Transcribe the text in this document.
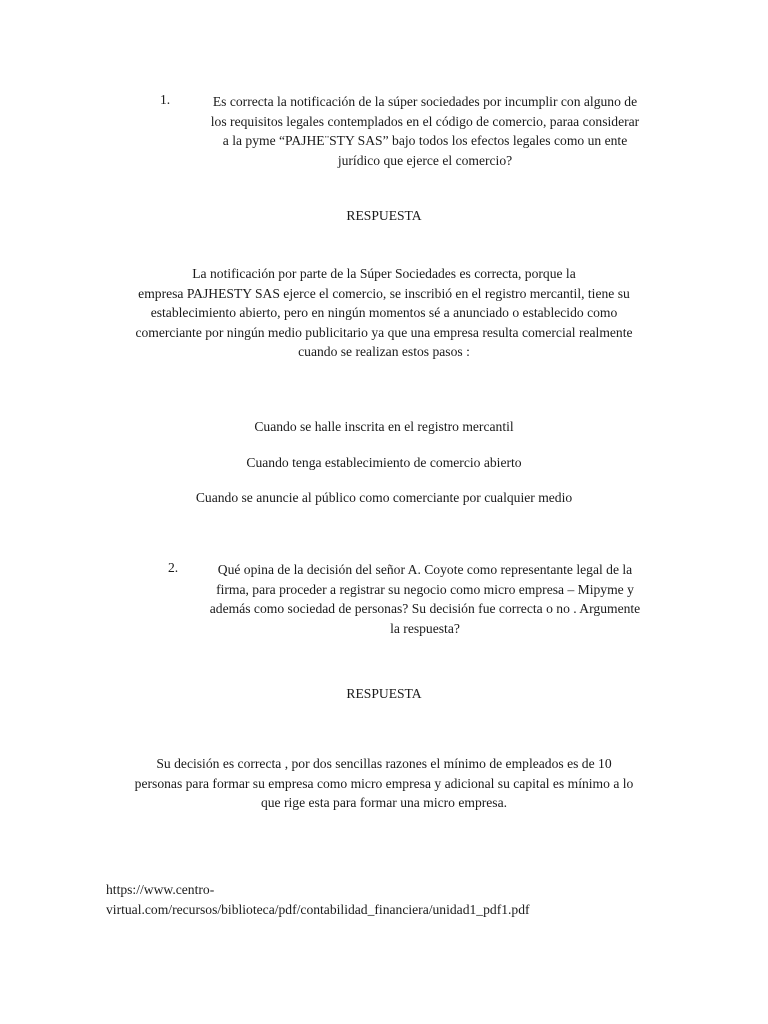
1.	Es correcta la notificación de la súper sociedades por incumplir con alguno de
los requisitos legales contemplados en el código de comercio, paraa considerar
a la pyme “PAJHE¨STY SAS” bajo todos los efectos legales como un ente
jurídico que ejerce el comercio?
RESPUESTA
La notificación por parte de la Súper Sociedades es correcta, porque la
empresa PAJHESTY SAS ejerce el comercio, se inscribió en el registro mercantil, tiene su
establecimiento abierto, pero en ningún momentos sé a anunciado o establecido como
comerciante por ningún medio publicitario ya que una empresa resulta comercial realmente
cuando se realizan estos pasos :
Cuando se halle inscrita en el registro mercantil
Cuando tenga establecimiento de comercio abierto
Cuando se anuncie al público como comerciante por cualquier medio
2.	Qué opina de la decisión del señor A. Coyote como representante legal de la
firma, para proceder a registrar su negocio como micro empresa – Mipyme y
además como sociedad de personas? Su decisión fue correcta o no . Argumente
la respuesta?
RESPUESTA
Su decisión es correcta , por dos sencillas razones el mínimo de empleados es de 10
personas para formar su empresa como micro empresa y adicional su capital es mínimo a lo
que rige esta para formar una micro empresa.
https://www.centro-
virtual.com/recursos/biblioteca/pdf/contabilidad_financiera/unidad1_pdf1.pdf
